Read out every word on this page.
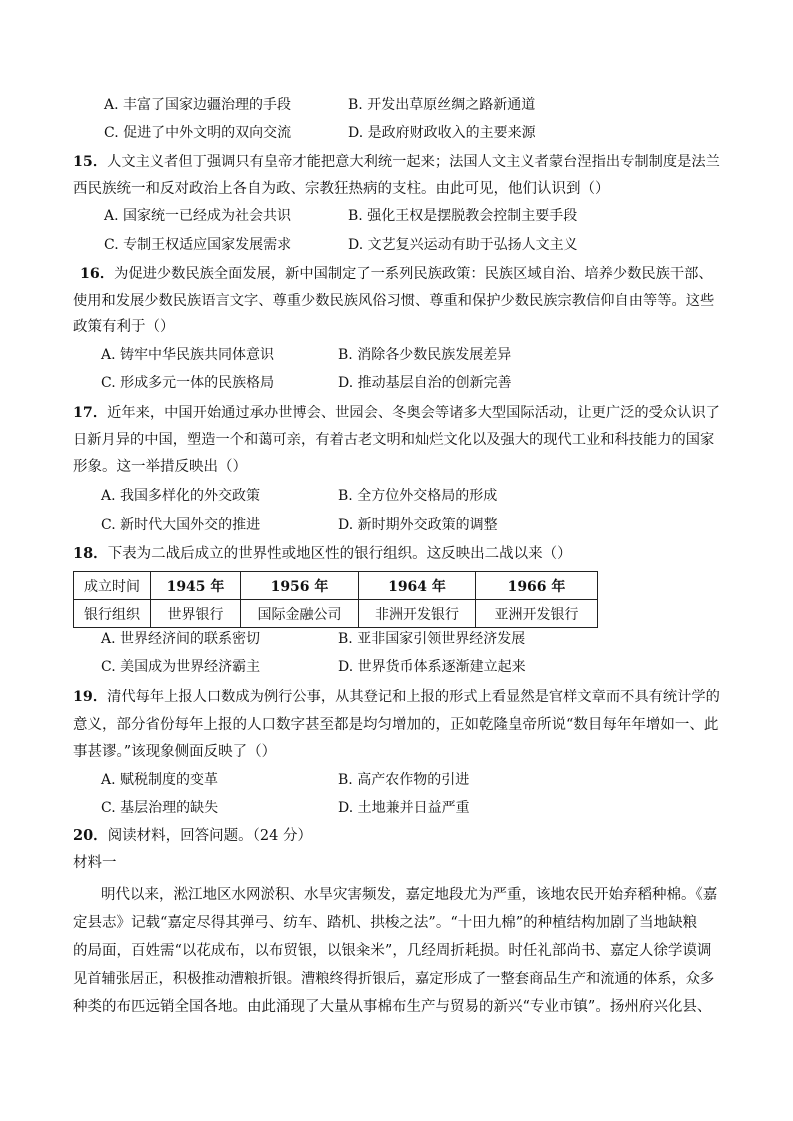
A. 丰富了国家边疆治理的手段	B. 开发出草原丝绸之路新通道
C. 促进了中外文明的双向交流	D. 是政府财政收入的主要来源
15．人文主义者但丁强调只有皇帝才能把意大利统一起来；法国人文主义者蒙台涅指出专制制度是法兰
西民族统一和反对政治上各自为政、宗教狂热病的支柱。由此可见，他们认识到（）
A. 国家统一已经成为社会共识	B. 强化王权是摆脱教会控制主要手段
C. 专制王权适应国家发展需求	D. 文艺复兴运动有助于弘扬人文主义
16．为促进少数民族全面发展，新中国制定了一系列民族政策：民族区域自治、培养少数民族干部、
使用和发展少数民族语言文字、尊重少数民族风俗习惯、尊重和保护少数民族宗教信仰自由等等。这些
政策有利于（）
A. 铸牢中华民族共同体意识	B. 消除各少数民族发展差异
C. 形成多元一体的民族格局	D. 推动基层自治的创新完善
17．近年来，中国开始通过承办世博会、世园会、冬奥会等诸多大型国际活动，让更广泛的受众认识了
日新月异的中国，塑造一个和蔼可亲，有着古老文明和灿烂文化以及强大的现代工业和科技能力的国家
形象。这一举措反映出（）
A. 我国多样化的外交政策	B. 全方位外交格局的形成
C. 新时代大国外交的推进	D. 新时期外交政策的调整
18．下表为二战后成立的世界性或地区性的银行组织。这反映出二战以来（）
成立时间	1945 年	1956 年	1964 年	1966 年
银行组织	世界银行	国际金融公司	非洲开发银行	亚洲开发银行
A. 世界经济间的联系密切	B. 亚非国家引领世界经济发展
C. 美国成为世界经济霸主	D. 世界货币体系逐渐建立起来
19．清代每年上报人口数成为例行公事，从其登记和上报的形式上看显然是官样文章而不具有统计学的
意义，部分省份每年上报的人口数字甚至都是均匀增加的，正如乾隆皇帝所说“数目每年年增如一、此
事甚谬。”该现象侧面反映了（）
A. 赋税制度的变革	B. 高产农作物的引进
C. 基层治理的缺失	D. 土地兼并日益严重
20．阅读材料，回答问题。（24 分）
材料一
明代以来，淞江地区水网淤积、水旱灾害频发，嘉定地段尤为严重，该地农民开始弃稻种棉。《嘉
定县志》记载“嘉定尽得其弹弓、纺车、踏机、拱梭之法”。“十田九棉”的种植结构加剧了当地缺粮
的局面，百姓需“以花成布，以布贸银，以银籴米”，几经周折耗损。时任礼部尚书、嘉定人徐学谟调
见首辅张居正，积极推动漕粮折银。漕粮终得折银后，嘉定形成了一整套商品生产和流通的体系，众多
种类的布匹远销全国各地。由此涌现了大量从事棉布生产与贸易的新兴“专业市镇”。扬州府兴化县、
